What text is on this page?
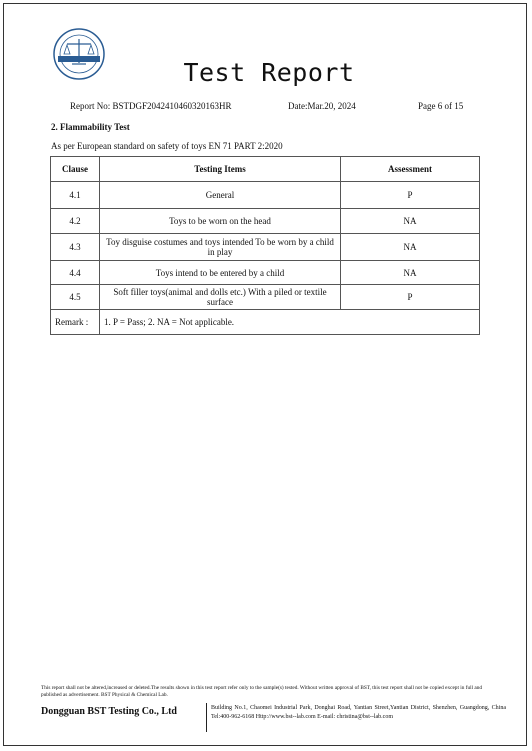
Test Report
Report No: BSTDGF2042410460320163HR	Date:Mar.20, 2024	Page 6 of 15
2. Flammability Test
As per European standard on safety of toys EN 71 PART 2:2020
Clause	Testing Items	Assessment
4.1	General	P
4.2	Toys to be worn on the head	NA
4.3	Toy disguise costumes and toys intended To be worn by a child in play	NA
4.4	Toys intend to be entered by a child	NA
4.5	Soft filler toys(animal and dolls etc.) With a piled or textile surface	P
Remark :	1. P = Pass; 2. NA = Not applicable.	
This report shall not be altered,increased or deleted.The results shown in this test report refer only to the sample(s) tested. Without written approval of BST, this test report shall not be copied except in full and published as advertisement. BST Physical & Chemical Lab.
Dongguan BST Testing Co., Ltd	Building No.1, Chaomei Industrial Park, Donghai Road, Yantian Street,Yantian District, Shenzhen, Guangdong, China Tel:400-962-6168 Http://www.bst--lab.com E-mail: christina@bst--lab.com
